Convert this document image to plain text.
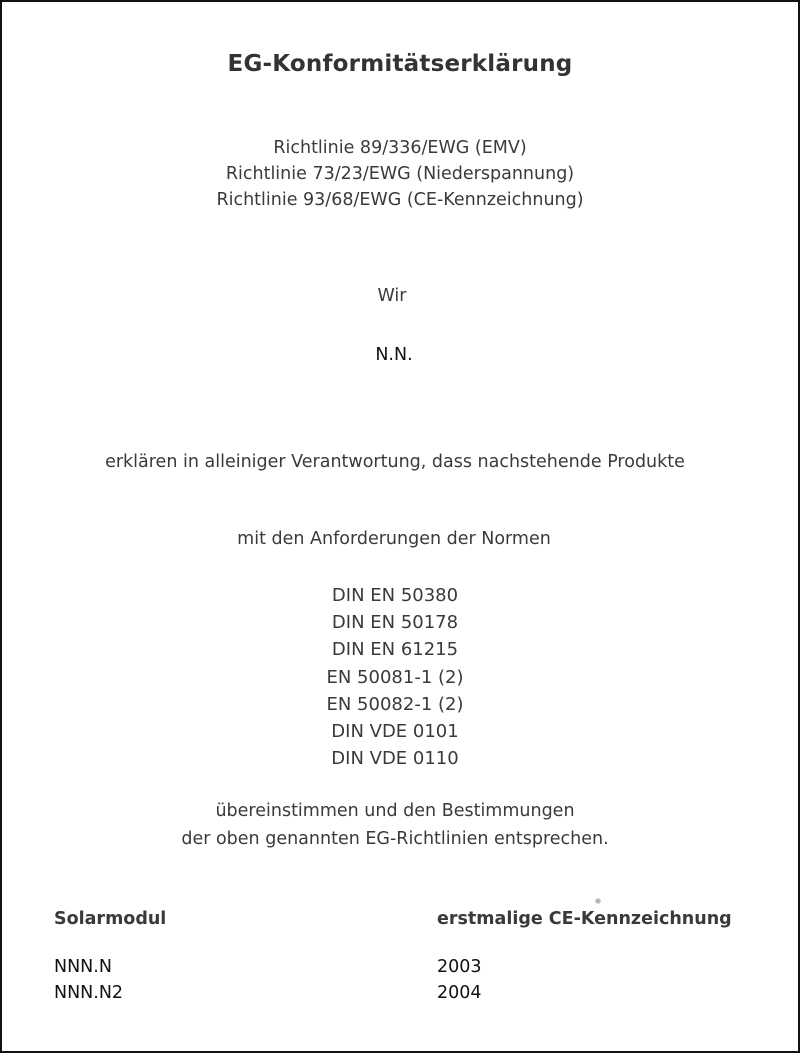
EG-Konformitätserklärung
Richtlinie 89/336/EWG (EMV)
Richtlinie 73/23/EWG (Niederspannung)
Richtlinie 93/68/EWG (CE-Kennzeichnung)
Wir
N.N.
erklären in alleiniger Verantwortung, dass nachstehende Produkte
mit den Anforderungen der Normen
DIN EN 50380
DIN EN 50178
DIN EN 61215
EN 50081-1 (2)
EN 50082-1 (2)
DIN VDE 0101
DIN VDE 0110
übereinstimmen und den Bestimmungen
der oben genannten EG-Richtlinien entsprechen.
Solarmodul	erstmalige CE-Kennzeichnung
NNN.N	2003
NNN.N2	2004
